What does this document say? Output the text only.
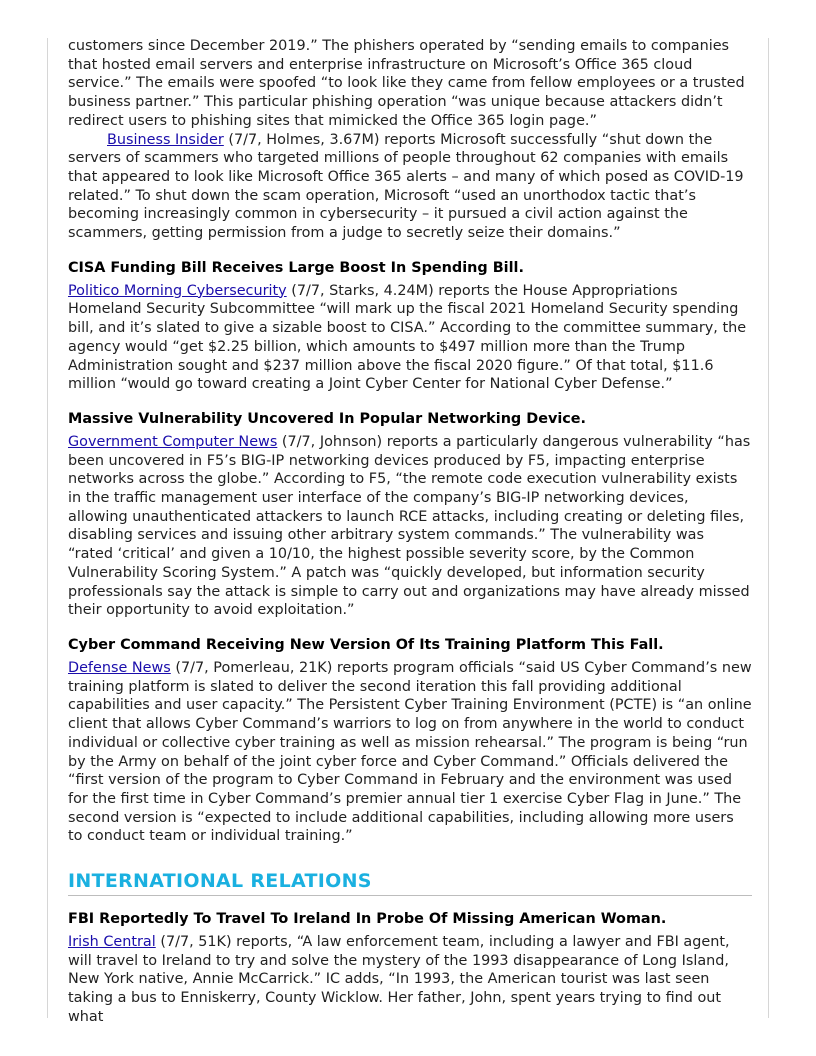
customers since December 2019.” The phishers operated by “sending emails to companies that hosted email servers and enterprise infrastructure on Microsoft’s Office 365 cloud service.” The emails were spoofed “to look like they came from fellow employees or a trusted business partner.” This particular phishing operation “was unique because attackers didn’t redirect users to phishing sites that mimicked the Office 365 login page.”

Business Insider (7/7, Holmes, 3.67M) reports Microsoft successfully “shut down the servers of scammers who targeted millions of people throughout 62 companies with emails that appeared to look like Microsoft Office 365 alerts – and many of which posed as COVID-19 related.” To shut down the scam operation, Microsoft “used an unorthodox tactic that’s becoming increasingly common in cybersecurity – it pursued a civil action against the scammers, getting permission from a judge to secretly seize their domains.”

CISA Funding Bill Receives Large Boost In Spending Bill.

Politico Morning Cybersecurity (7/7, Starks, 4.24M) reports the House Appropriations Homeland Security Subcommittee “will mark up the fiscal 2021 Homeland Security spending bill, and it’s slated to give a sizable boost to CISA.” According to the committee summary, the agency would “get $2.25 billion, which amounts to $497 million more than the Trump Administration sought and $237 million above the fiscal 2020 figure.” Of that total, $11.6 million “would go toward creating a Joint Cyber Center for National Cyber Defense.”

Massive Vulnerability Uncovered In Popular Networking Device.

Government Computer News (7/7, Johnson) reports a particularly dangerous vulnerability “has been uncovered in F5’s BIG-IP networking devices produced by F5, impacting enterprise networks across the globe.” According to F5, “the remote code execution vulnerability exists in the traffic management user interface of the company’s BIG-IP networking devices, allowing unauthenticated attackers to launch RCE attacks, including creating or deleting files, disabling services and issuing other arbitrary system commands.” The vulnerability was “rated ‘critical’ and given a 10/10, the highest possible severity score, by the Common Vulnerability Scoring System.” A patch was “quickly developed, but information security professionals say the attack is simple to carry out and organizations may have already missed their opportunity to avoid exploitation.”

Cyber Command Receiving New Version Of Its Training Platform This Fall.

Defense News (7/7, Pomerleau, 21K) reports program officials “said US Cyber Command’s new training platform is slated to deliver the second iteration this fall providing additional capabilities and user capacity.” The Persistent Cyber Training Environment (PCTE) is “an online client that allows Cyber Command’s warriors to log on from anywhere in the world to conduct individual or collective cyber training as well as mission rehearsal.” The program is being “run by the Army on behalf of the joint cyber force and Cyber Command.” Officials delivered the “first version of the program to Cyber Command in February and the environment was used for the first time in Cyber Command’s premier annual tier 1 exercise Cyber Flag in June.” The second version is “expected to include additional capabilities, including allowing more users to conduct team or individual training.”

INTERNATIONAL RELATIONS
FBI Reportedly To Travel To Ireland In Probe Of Missing American Woman.

Irish Central (7/7, 51K) reports, “A law enforcement team, including a lawyer and FBI agent, will travel to Ireland to try and solve the mystery of the 1993 disappearance of Long Island, New York native, Annie McCarrick.” IC adds, “In 1993, the American tourist was last seen taking a bus to Enniskerry, County Wicklow. Her father, John, spent years trying to find out what
